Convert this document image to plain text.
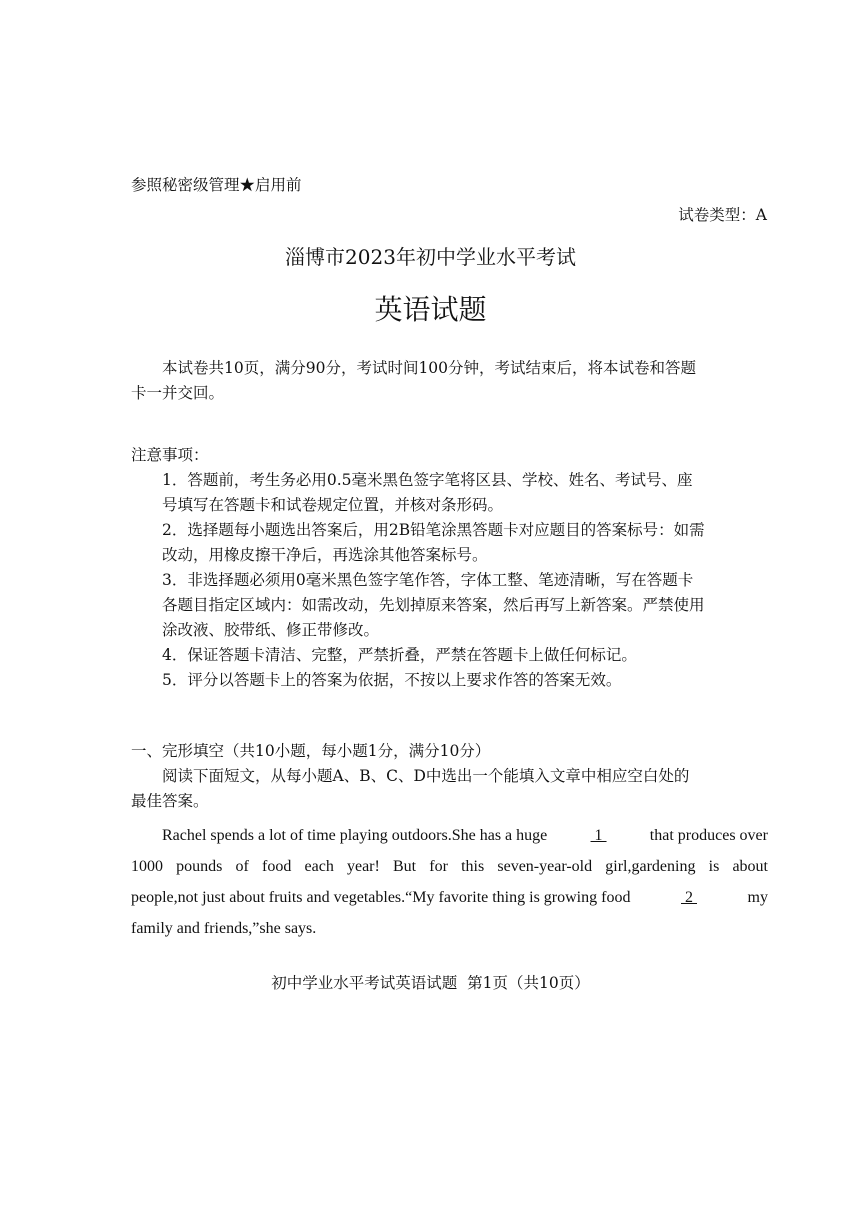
参照秘密级管理★启用前
试卷类型：A
淄博市2023年初中学业水平考试
英语试题
本试卷共10页，满分90分，考试时间100分钟，考试结束后，将本试卷和答题
卡一并交回。
注意事项：
1．答题前，考生务必用0.5毫米黑色签字笔将区县、学校、姓名、考试号、座
号填写在答题卡和试卷规定位置，并核对条形码。
2．选择题每小题选出答案后，用2B铅笔涂黑答题卡对应题目的答案标号：如需
改动，用橡皮擦干净后，再选涂其他答案标号。
3．非选择题必须用0毫米黑色签字笔作答，字体工整、笔迹清晰，写在答题卡
各题目指定区域内：如需改动，先划掉原来答案，然后再写上新答案。严禁使用
涂改液、胶带纸、修正带修改。
4．保证答题卡清洁、完整，严禁折叠，严禁在答题卡上做任何标记。
5．评分以答题卡上的答案为依据，不按以上要求作答的答案无效。
一、完形填空（共10小题，每小题1分，满分10分）
阅读下面短文，从每小题A、B、C、D中选出一个能填入文章中相应空白处的
最佳答案。
Rachel spends a lot of time playing outdoors.She has a huge	1	that produces over
1000 pounds of food each year! But for this seven-year-old girl,gardening is about
people,not just about fruits and vegetables.“My favorite thing is growing food	2	my
family and friends,”she says.
初中学业水平考试英语试题  第1页（共10页）
